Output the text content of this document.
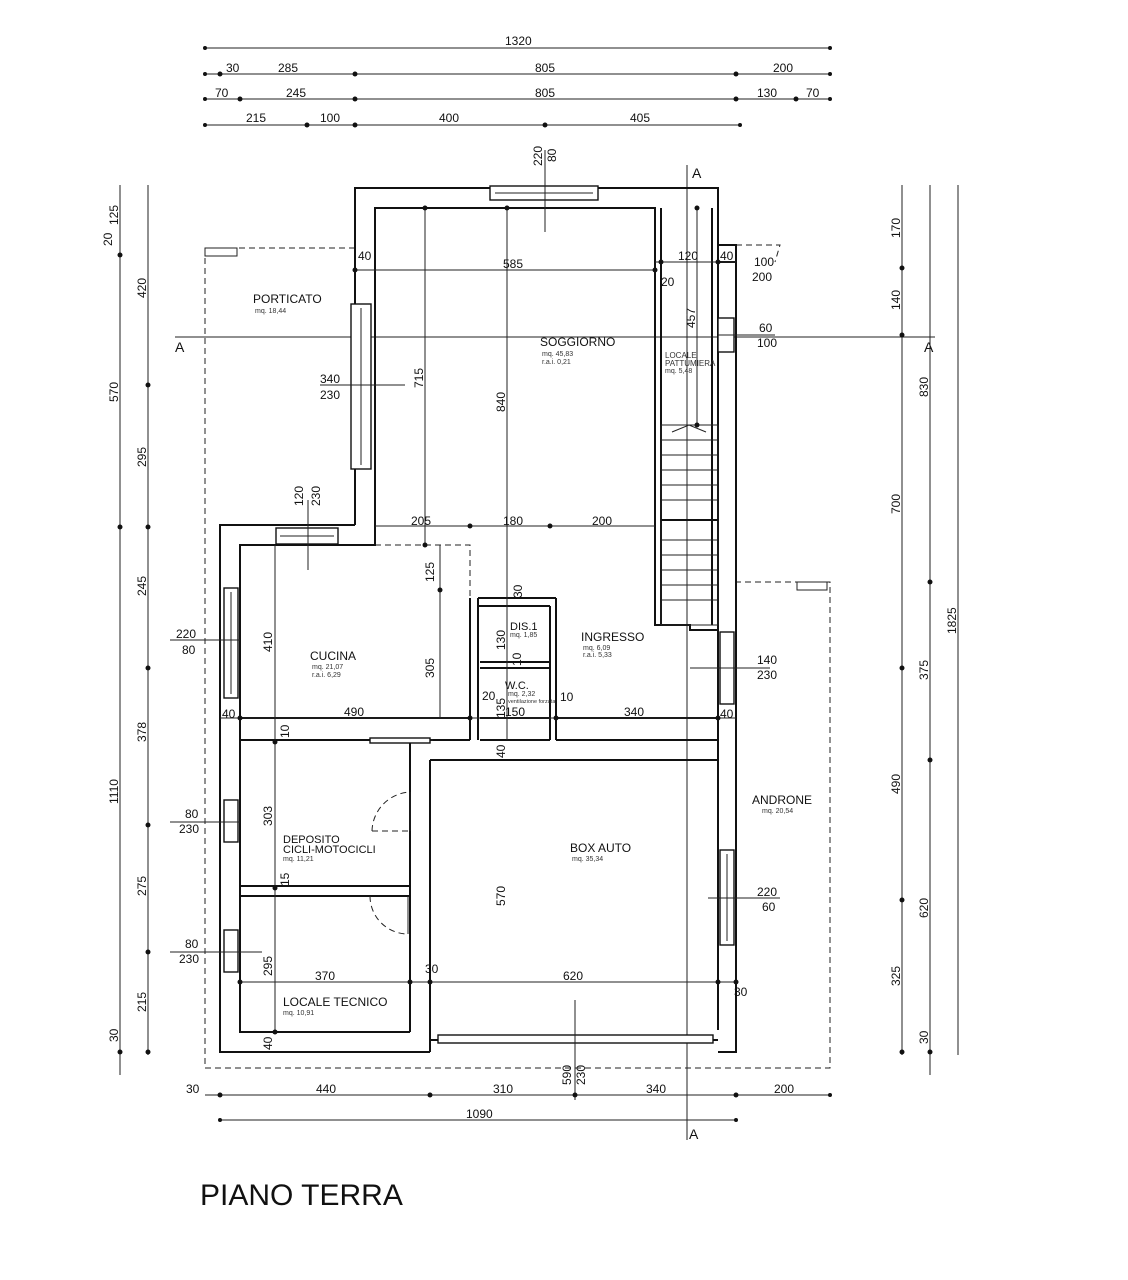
1320
30	285	805	200
70	245	805	130 70
215	100	400	405
A
A
A	A
125
20
570
1110
30
420
295
245
378
275
215
170
140
700
490
325
30
830
375
620
1825
30	440	310	340	200
1090
220 80
340
230
120 230
220
80
80
230
80
230
140
230
220
60
100
200
60
100
590 230
585
840
715
457
120 40
40
20
205	180	200
410
305
125
490
40	40
30
130
10
135
20
150
10
340
40
10
303
15
570
295	370	30	620
30
40
PORTICATO
mq. 18,44
SOGGIORNO
mq. 45,83
r.a.i. 0,21
LOCALE
PATTUMIERA
mq. 5,48
CUCINA
mq. 21,07
r.a.i. 6,29
DIS.1
mq. 1,85	INGRESSO
mq. 6,09
r.a.i. 5,33
W.C.
mq. 2,32
ventilazione forzata
DEPOSITO
CICLI-MOTOCICLI
mq. 11,21
BOX AUTO
mq. 35,34
ANDRONE
mq. 20,54
LOCALE TECNICO
mq. 10,91
PIANO TERRA
